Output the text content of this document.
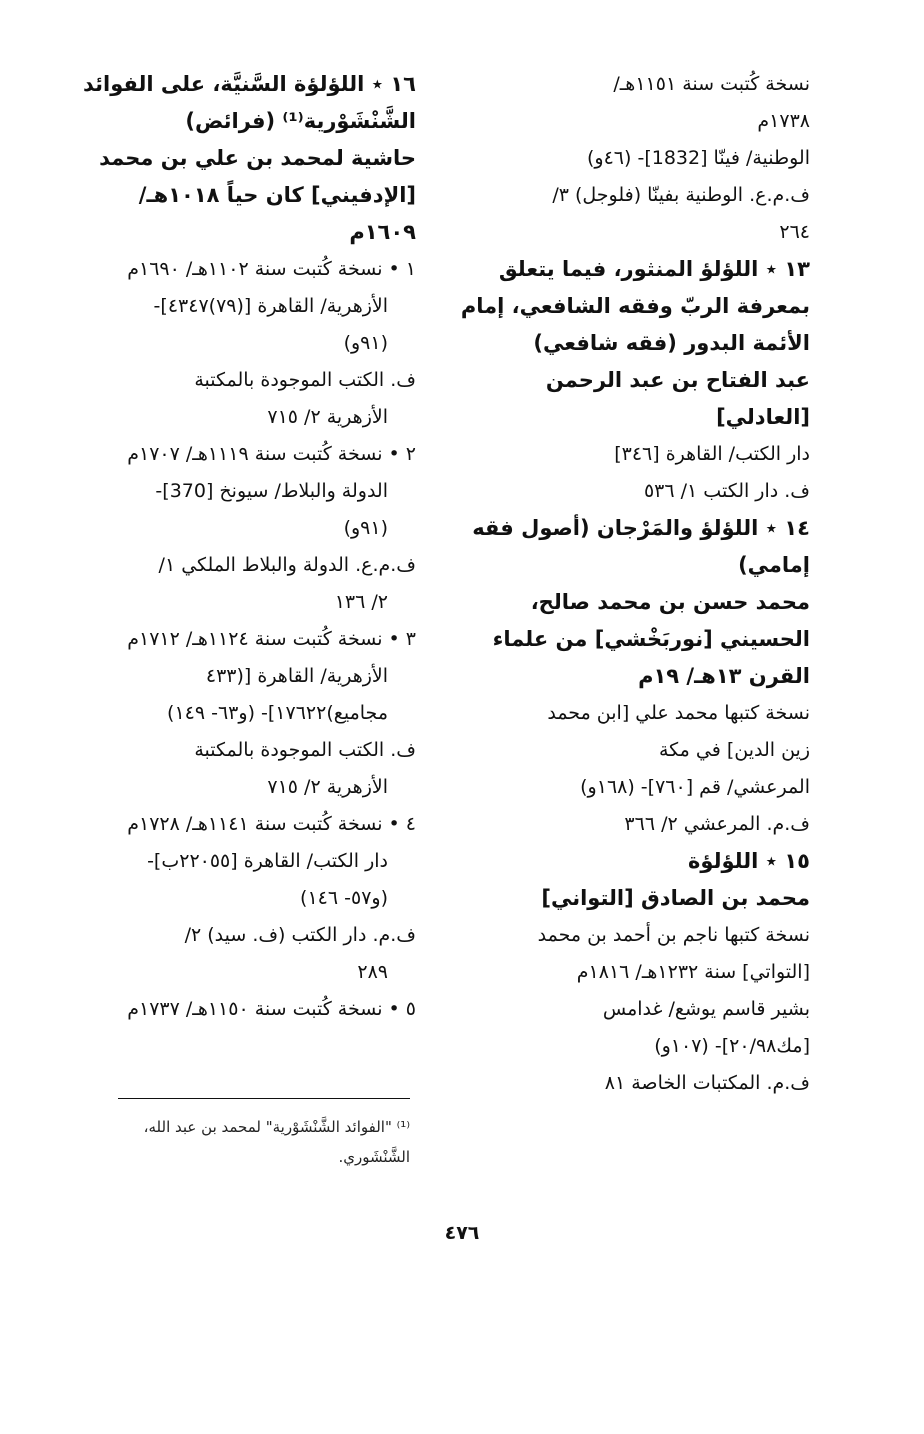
نسخة كُتبت سنة ١١٥١هـ/
١٧٣٨م
الوطنية/ فينّا [1832]- (٤٦و)
ف.م.ع. الوطنية بفينّا (فلوجل) ٣/
٢٦٤
١٣ ٭ اللؤلؤ المنثور، فيما يتعلق
بمعرفة الربّ وفقه الشافعي، إمام
الأئمة البدور (فقه شافعي)
عبد الفتاح بن عبد الرحمن
[العادلي]
دار الكتب/ القاهرة [٣٤٦]
ف. دار الكتب ١/ ٥٣٦
١٤ ٭ اللؤلؤ والمَرْجان (أصول فقه
إمامي)
محمد حسن بن محمد صالح،
الحسيني [نوربَخْشي] من علماء
القرن ١٣هـ/ ١٩م
نسخة كتبها محمد علي [ابن محمد
زين الدين] في مكة
المرعشي/ قم [٧٦٠]- (١٦٨و)
ف.م. المرعشي ٢/ ٣٦٦
١٥ ٭ اللؤلؤة
محمد بن الصادق [التواني]
نسخة كتبها ناجم بن أحمد بن محمد
[التواتي] سنة ١٢٣٢هـ/ ١٨١٦م
بشير قاسم يوشع/ غدامس
[مك٢٠/٩٨]- (١٠٧و)
ف.م. المكتبات الخاصة ٨١
١٦ ٭ اللؤلؤة السَّنيَّة، على الفوائد
الشَّنْشَوْرية⁽¹⁾ (فرائض)
حاشية لمحمد بن علي بن محمد
[الإدفيني] كان حياً ١٠١٨هـ/
١٦٠٩م
١ • نسخة كُتبت سنة ١١٠٢هـ/ ١٦٩٠م
الأزهرية/ القاهرة [(٧٩)٤٣٤٧]-
(٩١و)
ف. الكتب الموجودة بالمكتبة
الأزهرية ٢/ ٧١٥
٢ • نسخة كُتبت سنة ١١١٩هـ/ ١٧٠٧م
الدولة والبلاط/ سيونخ [370]-
(٩١و)
ف.م.ع. الدولة والبلاط الملكي ١/
٢/ ١٣٦
٣ • نسخة كُتبت سنة ١١٢٤هـ/ ١٧١٢م
الأزهرية/ القاهرة [(٤٣٣
مجاميع)١٧٦٢٢]- (و٦٣- ١٤٩)
ف. الكتب الموجودة بالمكتبة
الأزهرية ٢/ ٧١٥
٤ • نسخة كُتبت سنة ١١٤١هـ/ ١٧٢٨م
دار الكتب/ القاهرة [٢٢٠٥٥ب]-
(و٥٧- ١٤٦)
ف.م. دار الكتب (ف. سيد) ٢/
٢٨٩
٥ • نسخة كُتبت سنة ١١٥٠هـ/ ١٧٣٧م
⁽¹⁾ "الفوائد الشَّنْشَوْرية" لمحمد بن عبد الله،
الشَّنْشَوري.
٤٧٦
